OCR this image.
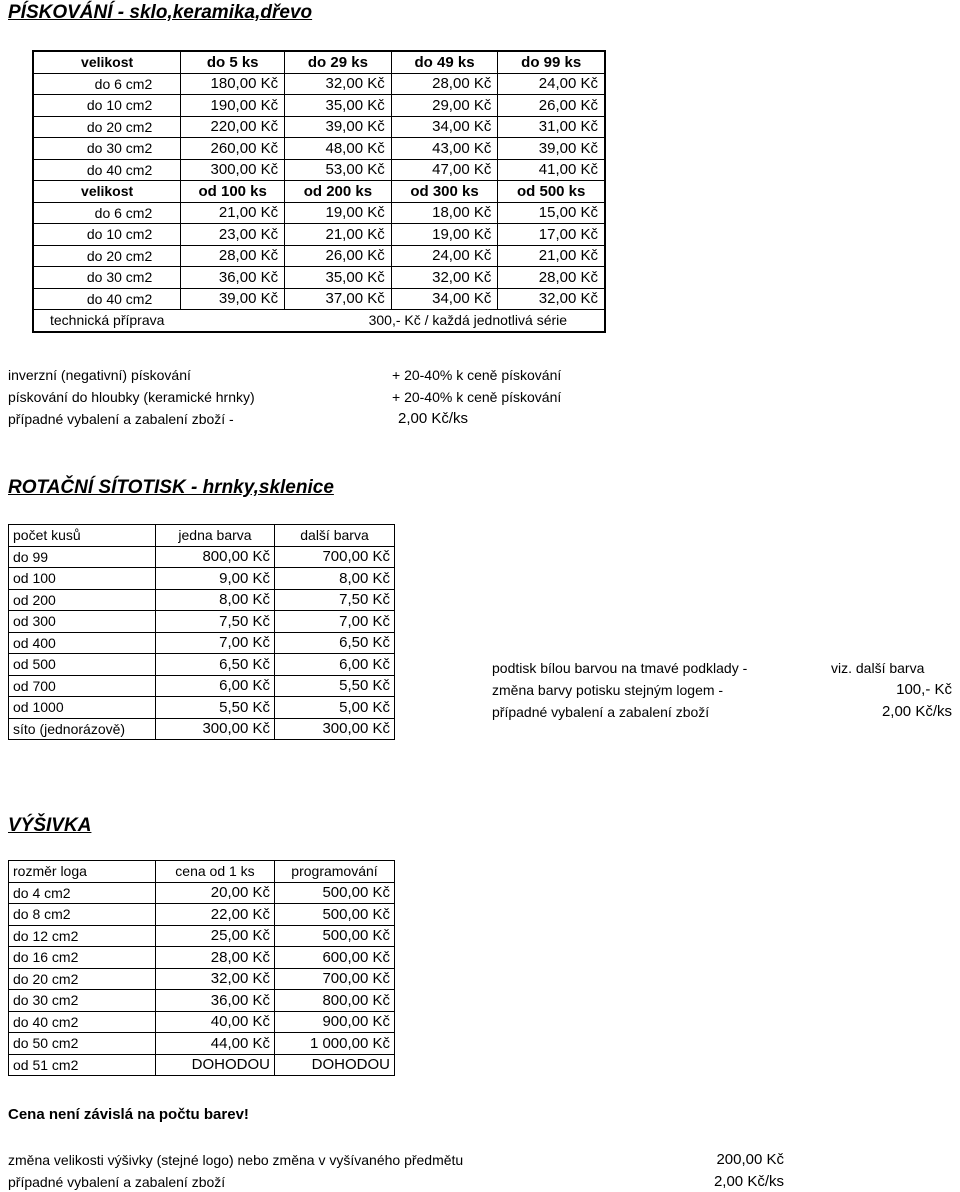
PÍSKOVÁNÍ - sklo,keramika,dřevo
velikost	do 5 ks	do 29 ks	do 49 ks	do 99 ks
do 6 cm2	180,00 Kč	32,00 Kč	28,00 Kč	24,00 Kč
do 10 cm2	190,00 Kč	35,00 Kč	29,00 Kč	26,00 Kč
do 20 cm2	220,00 Kč	39,00 Kč	34,00 Kč	31,00 Kč
do 30 cm2	260,00 Kč	48,00 Kč	43,00 Kč	39,00 Kč
do 40 cm2	300,00 Kč	53,00 Kč	47,00 Kč	41,00 Kč
velikost	od 100 ks	od 200 ks	od 300 ks	od 500 ks
do 6 cm2	21,00 Kč	19,00 Kč	18,00 Kč	15,00 Kč
do 10 cm2	23,00 Kč	21,00 Kč	19,00 Kč	17,00 Kč
do 20 cm2	28,00 Kč	26,00 Kč	24,00 Kč	21,00 Kč
do 30 cm2	36,00 Kč	35,00 Kč	32,00 Kč	28,00 Kč
do 40 cm2	39,00 Kč	37,00 Kč	34,00 Kč	32,00 Kč
technická příprava		300,- Kč / každá jednotlivá série		
inverzní (negativní) pískování	+ 20-40% k ceně pískování
pískování do hloubky (keramické hrnky)	+ 20-40% k ceně pískování
případné vybalení a zabalení zboží -	2,00 Kč/ks
ROTAČNÍ SÍTOTISK - hrnky,sklenice
počet kusů	jedna barva	další barva
do 99	800,00 Kč	700,00 Kč
od 100	9,00 Kč	8,00 Kč
od 200	8,00 Kč	7,50 Kč
od 300	7,50 Kč	7,00 Kč
od 400	7,00 Kč	6,50 Kč
od 500	6,50 Kč	6,00 Kč
od 700	6,00 Kč	5,50 Kč
od 1000	5,50 Kč	5,00 Kč
síto (jednorázově)	300,00 Kč	300,00 Kč
podtisk bílou barvou na tmavé podklady -	viz. další barva
změna barvy potisku stejným logem -	100,- Kč
případné vybalení a zabalení zboží	2,00 Kč/ks
VÝŠIVKA
rozměr loga	cena od 1 ks	programování
do 4 cm2	20,00 Kč	500,00 Kč
do 8 cm2	22,00 Kč	500,00 Kč
do 12 cm2	25,00 Kč	500,00 Kč
do 16 cm2	28,00 Kč	600,00 Kč
do 20 cm2	32,00 Kč	700,00 Kč
do 30 cm2	36,00 Kč	800,00 Kč
do 40 cm2	40,00 Kč	900,00 Kč
do 50 cm2	44,00 Kč	1 000,00 Kč
od 51 cm2	DOHODOU	DOHODOU
Cena není závislá na počtu barev!
změna velikosti výšivky (stejné logo) nebo změna v vyšívaného předmětu	200,00 Kč
případné vybalení a zabalení zboží	2,00 Kč/ks
